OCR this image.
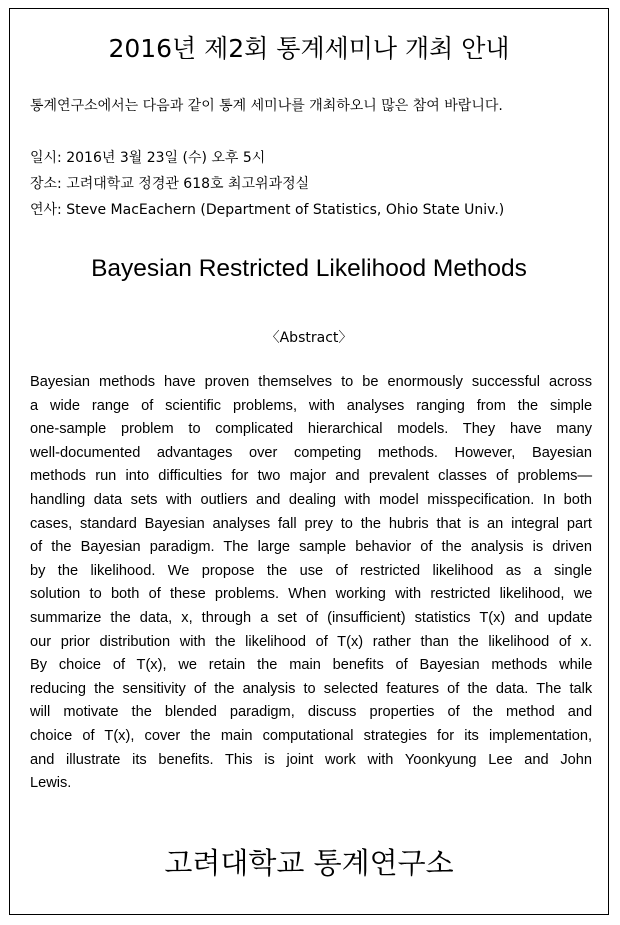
2016년 제2회 통계세미나 개최 안내
통계연구소에서는 다음과 같이 통계 세미나를 개최하오니 많은 참여 바랍니다.
일시: 2016년 3월 23일 (수) 오후 5시
장소: 고려대학교 정경관 618호 최고위과정실
연사: Steve MacEachern (Department of Statistics, Ohio State Univ.)
Bayesian Restricted Likelihood Methods
〈Abstract〉
Bayesian methods have proven themselves to be enormously successful across
a wide range of scientific problems, with analyses ranging from the simple
one-sample problem to complicated hierarchical models. They have many
well-documented advantages over competing methods. However, Bayesian
methods run into difficulties for two major and prevalent classes of problems—
handling data sets with outliers and dealing with model misspecification. In both
cases, standard Bayesian analyses fall prey to the hubris that is an integral part
of the Bayesian paradigm. The large sample behavior of the analysis is driven
by the likelihood. We propose the use of restricted likelihood as a single
solution to both of these problems. When working with restricted likelihood, we
summarize the data, x, through a set of (insufficient) statistics T(x) and update
our prior distribution with the likelihood of T(x) rather than the likelihood of x.
By choice of T(x), we retain the main benefits of Bayesian methods while
reducing the sensitivity of the analysis to selected features of the data. The talk
will motivate the blended paradigm, discuss properties of the method and
choice of T(x), cover the main computational strategies for its implementation,
and illustrate its benefits. This is joint work with Yoonkyung Lee and John
Lewis.
고려대학교 통계연구소
